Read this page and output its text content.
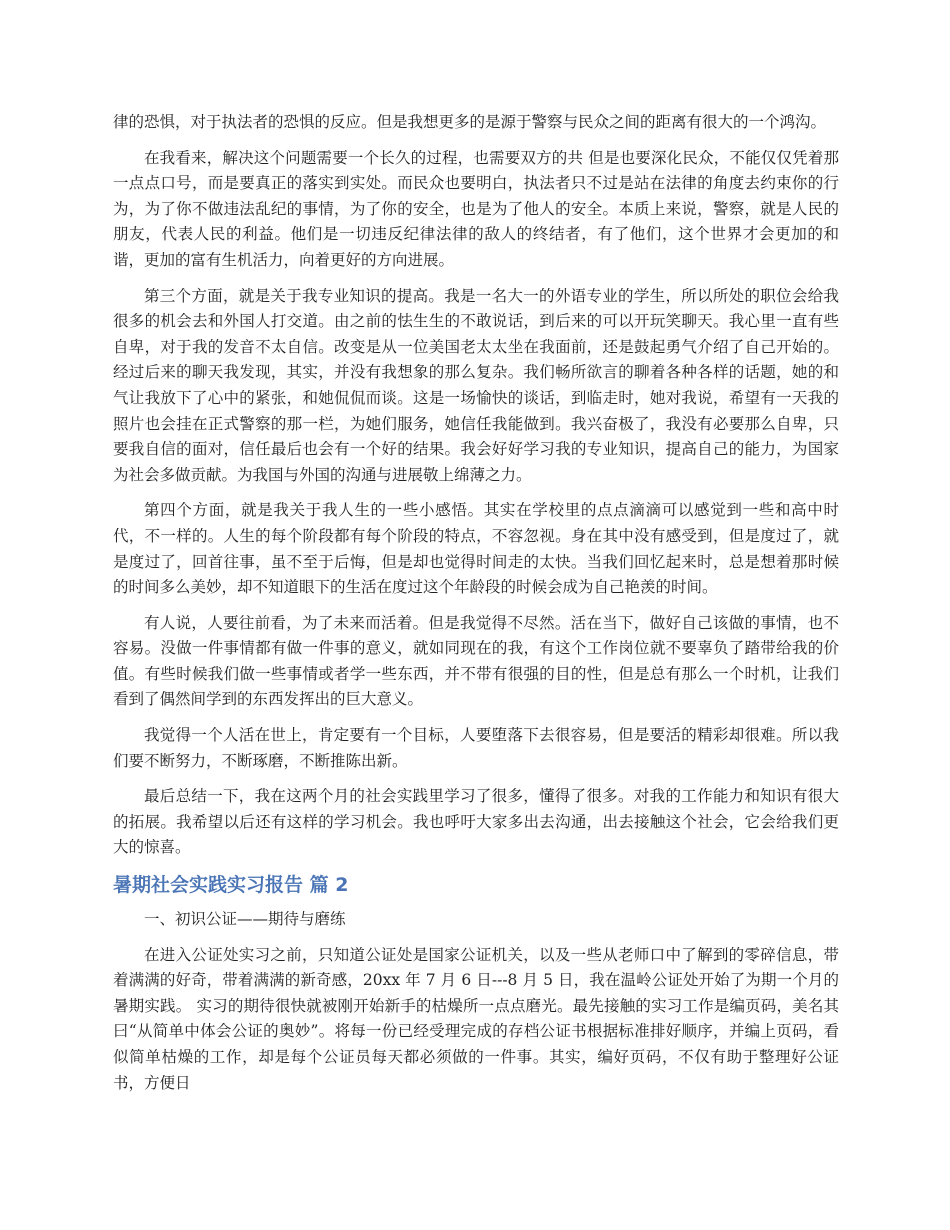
律的恐惧，对于执法者的恐惧的反应。但是我想更多的是源于警察与民众之间的距离有很大的一个鸿沟。

在我看来，解决这个问题需要一个长久的过程，也需要双方的共 但是也要深化民众，不能仅仅凭着那一点点口号，而是要真正的落实到实处。而民众也要明白，执法者只不过是站在法律的角度去约束你的行为，为了你不做违法乱纪的事情，为了你的安全，也是为了他人的安全。本质上来说，警察，就是人民的朋友，代表人民的利益。他们是一切违反纪律法律的敌人的终结者，有了他们，这个世界才会更加的和谐，更加的富有生机活力，向着更好的方向进展。

第三个方面，就是关于我专业知识的提高。我是一名大一的外语专业的学生，所以所处的职位会给我很多的机会去和外国人打交道。由之前的怯生生的不敢说话，到后来的可以开玩笑聊天。我心里一直有些自卑，对于我的发音不太自信。改变是从一位美国老太太坐在我面前，还是鼓起勇气介绍了自己开始的。经过后来的聊天我发现，其实，并没有我想象的那么复杂。我们畅所欲言的聊着各种各样的话题，她的和气让我放下了心中的紧张，和她侃侃而谈。这是一场愉快的谈话，到临走时，她对我说，希望有一天我的照片也会挂在正式警察的那一栏，为她们服务，她信任我能做到。我兴奋极了，我没有必要那么自卑，只要我自信的面对，信任最后也会有一个好的结果。我会好好学习我的专业知识，提高自己的能力，为国家为社会多做贡献。为我国与外国的沟通与进展敬上绵薄之力。

第四个方面，就是我关于我人生的一些小感悟。其实在学校里的点点滴滴可以感觉到一些和高中时代，不一样的。人生的每个阶段都有每个阶段的特点，不容忽视。身在其中没有感受到，但是度过了，就是度过了，回首往事，虽不至于后悔，但是却也觉得时间走的太快。当我们回忆起来时，总是想着那时候的时间多么美妙，却不知道眼下的生活在度过这个年龄段的时候会成为自己艳羡的时间。

有人说，人要往前看，为了未来而活着。但是我觉得不尽然。活在当下，做好自己该做的事情，也不容易。没做一件事情都有做一件事的意义，就如同现在的我，有这个工作岗位就不要辜负了踏带给我的价值。有些时候我们做一些事情或者学一些东西，并不带有很强的目的性，但是总有那么一个时机，让我们看到了偶然间学到的东西发挥出的巨大意义。

我觉得一个人活在世上，肯定要有一个目标，人要堕落下去很容易，但是要活的精彩却很难。所以我们要不断努力，不断琢磨，不断推陈出新。

最后总结一下，我在这两个月的社会实践里学习了很多，懂得了很多。对我的工作能力和知识有很大的拓展。我希望以后还有这样的学习机会。我也呼吁大家多出去沟通，出去接触这个社会，它会给我们更大的惊喜。

暑期社会实践实习报告 篇 2

一、初识公证——期待与磨练

在进入公证处实习之前，只知道公证处是国家公证机关，以及一些从老师口中了解到的零碎信息，带着满满的好奇，带着满满的新奇感，20xx 年 7 月 6 日---8 月 5 日，我在温岭公证处开始了为期一个月的暑期实践。 实习的期待很快就被刚开始新手的枯燥所一点点磨光。最先接触的实习工作是编页码，美名其曰“从简单中体会公证的奥妙”。将每一份已经受理完成的存档公证书根据标准排好顺序，并编上页码，看似简单枯燥的工作，却是每个公证员每天都必须做的一件事。其实，编好页码，不仅有助于整理好公证书，方便日
